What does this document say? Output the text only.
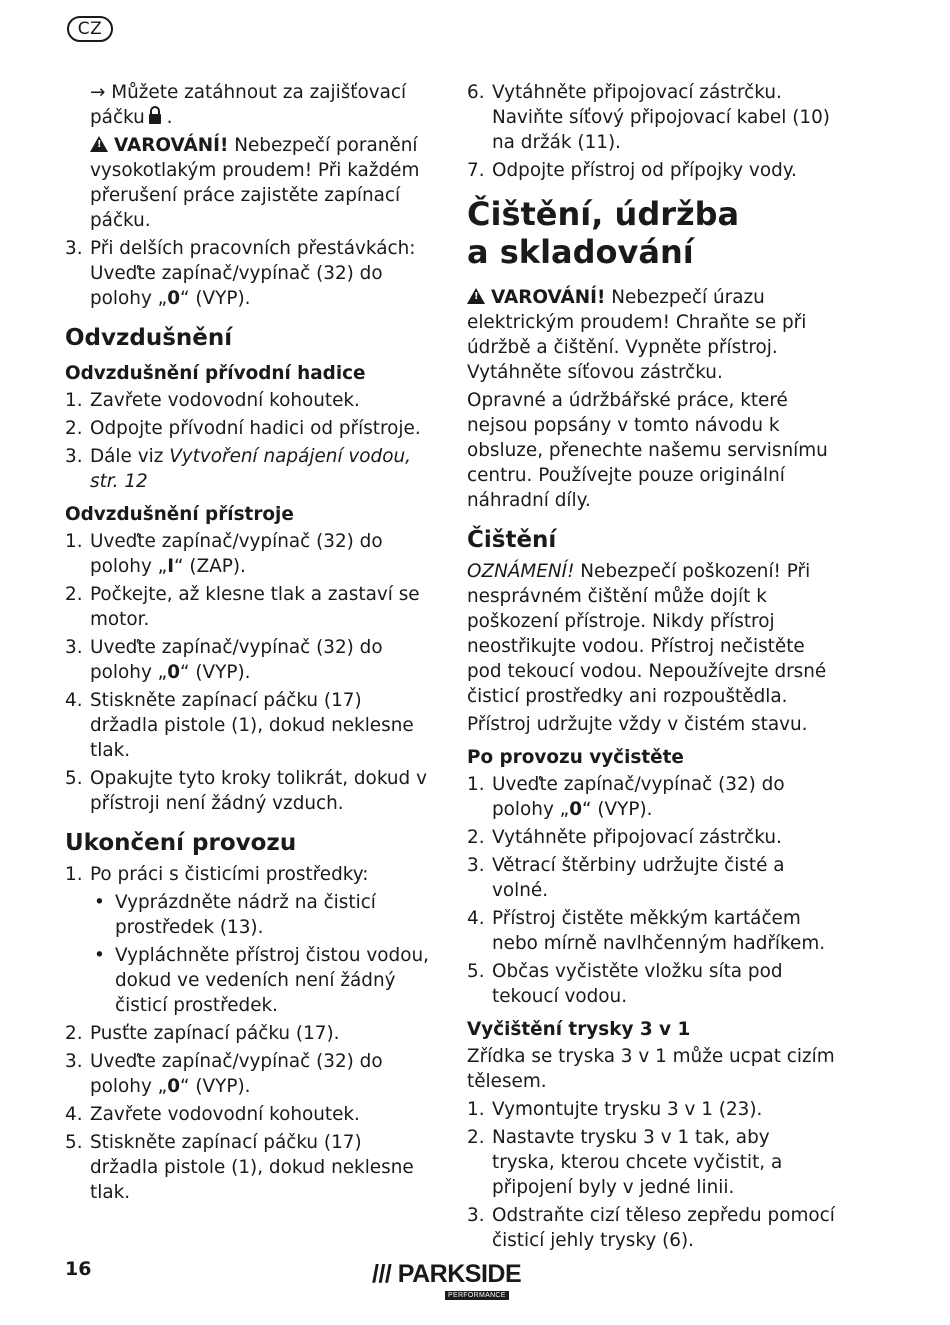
CZ

→ Můžete zatáhnout za zajišťovací páčku .

!VAROVÁNÍ! Nebezpečí poranění vysokotlakým proudem! Při každém přerušení práce zajistěte zapínací páčku.

3. Při delších pracovních přestávkách: Uveďte zapínač/vypínač (32) do polohy „0“ (VYP).
Odvzdušnění
Odvzdušnění přívodní hadice
1. Zavřete vodovodní kohoutek.
2. Odpojte přívodní hadici od přístroje.
3. Dále viz Vytvoření napájení vodou, str. 12
Odvzdušnění přístroje
1. Uveďte zapínač/vypínač (32) do polohy „I“ (ZAP).
2. Počkejte, až klesne tlak a zastaví se motor.
3. Uveďte zapínač/vypínač (32) do polohy „0“ (VYP).
4. Stiskněte zapínací páčku (17) držadla pistole (1), dokud neklesne tlak.
5. Opakujte tyto kroky tolikrát, dokud v přístroji není žádný vzduch.
Ukončení provozu
1. Po práci s čisticími prostředky:
• Vyprázdněte nádrž na čisticí prostředek (13).
• Vypláchněte přístroj čistou vodou, dokud ve vedeních není žádný čisticí prostředek.
2. Pusťte zapínací páčku (17).
3. Uveďte zapínač/vypínač (32) do polohy „0“ (VYP).
4. Zavřete vodovodní kohoutek.
5. Stiskněte zapínací páčku (17) držadla pistole (1), dokud neklesne tlak.
6. Vytáhněte připojovací zástrčku. Naviňte síťový připojovací kabel (10) na držák (11).
7. Odpojte přístroj od přípojky vody.
Čištění, údržba
a skladování

!VAROVÁNÍ! Nebezpečí úrazu elektrickým proudem! Chraňte se při údržbě a čištění. Vypněte přístroj. Vytáhněte síťovou zástrčku.

Opravné a údržbářské práce, které nejsou popsány v tomto návodu k obsluze, přenechte našemu servisnímu centru. Používejte pouze originální náhradní díly.

Čištění

OZNÁMENÍ! Nebezpečí poškození! Při nesprávném čištění může dojít k poškození přístroje. Nikdy přístroj neostřikujte vodou. Přístroj nečistěte pod tekoucí vodou. Nepoužívejte drsné čisticí prostředky ani rozpouštědla.

Přístroj udržujte vždy v čistém stavu.

Po provozu vyčistěte
1. Uveďte zapínač/vypínač (32) do polohy „0“ (VYP).
2. Vytáhněte připojovací zástrčku.
3. Větrací štěrbiny udržujte čisté a volné.
4. Přístroj čistěte měkkým kartáčem nebo mírně navlhčenným hadříkem.
5. Občas vyčistěte vložku síta pod tekoucí vodou.
Vyčištění trysky 3 v 1

Zřídka se tryska 3 v 1 může ucpat cizím tělesem.

1. Vymontujte trysku 3 v 1 (23).
2. Nastavte trysku 3 v 1 tak, aby tryska, kterou chcete vyčistit, a připojení byly v jedné linii.
3. Odstraňte cizí těleso zepředu pomocí čisticí jehly trysky (6).
16	/// PARKSIDE
PERFORMANCE
